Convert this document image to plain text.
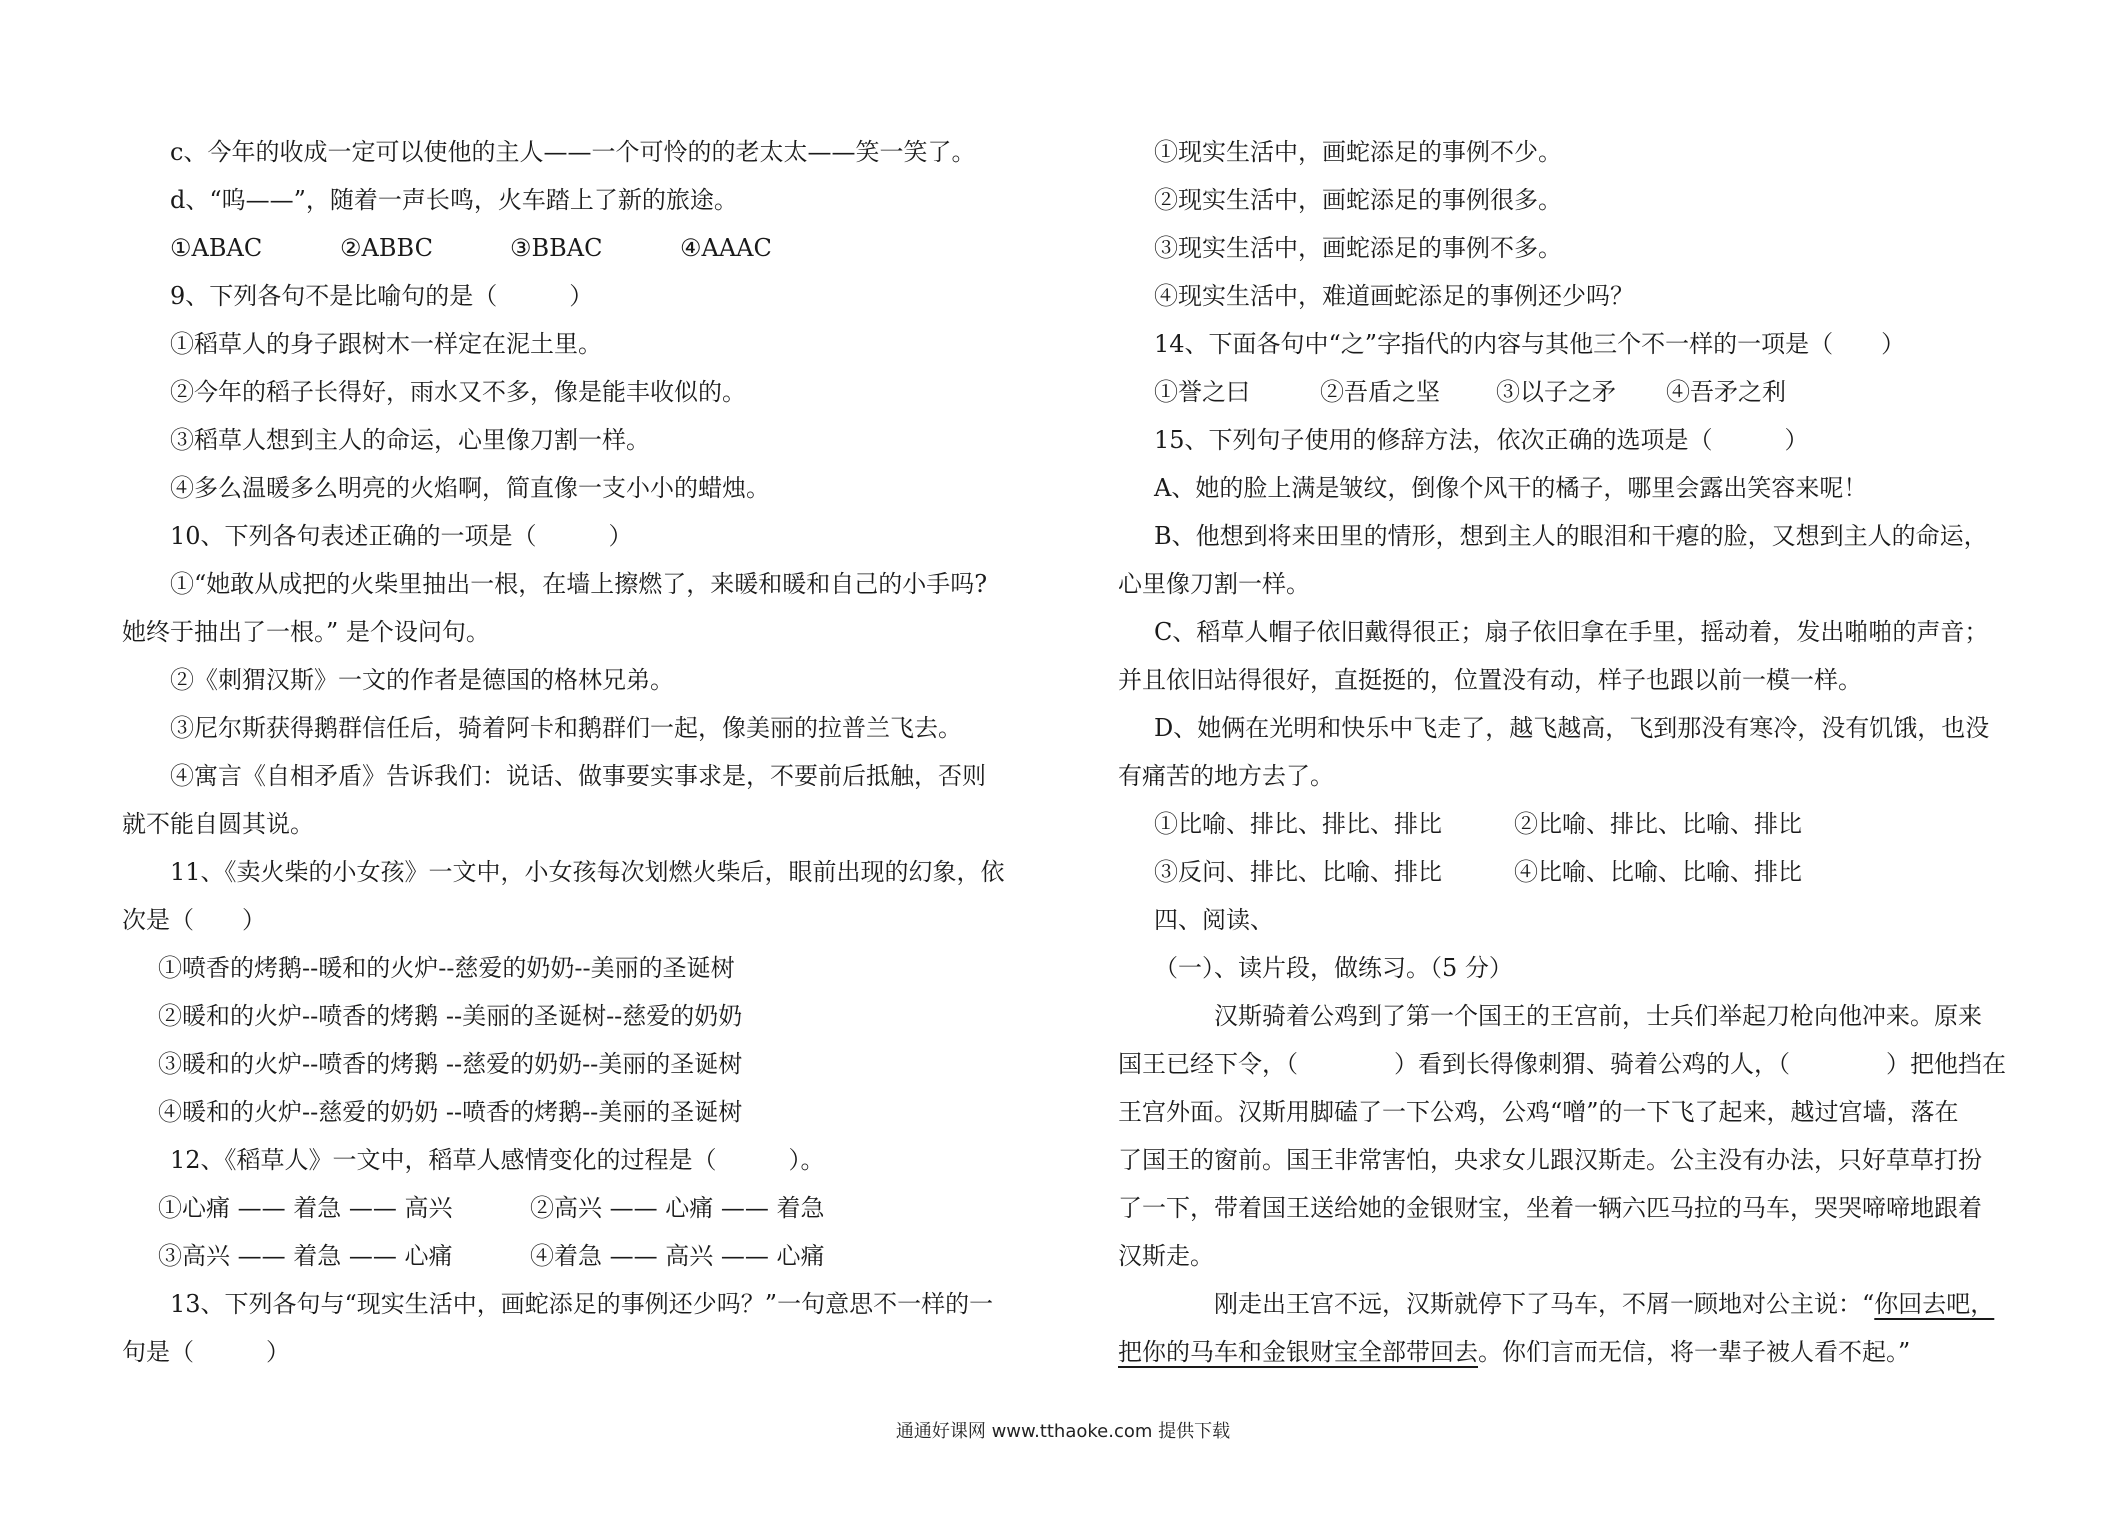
c、今年的收成一定可以使他的主人——一个可怜的的老太太——笑一笑了。
d、“呜——”，随着一声长鸣，火车踏上了新的旅途。
①ABAC	②ABBC	③BBAC	④AAAC
9、下列各句不是比喻句的是（　　　）
①稻草人的身子跟树木一样定在泥土里。
②今年的稻子长得好，雨水又不多，像是能丰收似的。
③稻草人想到主人的命运，心里像刀割一样。
④多么温暖多么明亮的火焰啊，简直像一支小小的蜡烛。
10、下列各句表述正确的一项是（　　　）
①“她敢从成把的火柴里抽出一根，在墙上擦燃了，来暖和暖和自己的小手吗?
她终于抽出了一根。” 是个设问句。
②《刺猬汉斯》一文的作者是德国的格林兄弟。
③尼尔斯获得鹅群信任后，骑着阿卡和鹅群们一起，像美丽的拉普兰飞去。
④寓言《自相矛盾》告诉我们：说话、做事要实事求是，不要前后抵触，否则
就不能自圆其说。
11、《卖火柴的小女孩》一文中，小女孩每次划燃火柴后，眼前出现的幻象，依
次是（　　）
①喷香的烤鹅--暖和的火炉--慈爱的奶奶--美丽的圣诞树
②暖和的火炉--喷香的烤鹅 --美丽的圣诞树--慈爱的奶奶
③暖和的火炉--喷香的烤鹅 --慈爱的奶奶--美丽的圣诞树
④暖和的火炉--慈爱的奶奶 --喷香的烤鹅--美丽的圣诞树
12、《稻草人》一文中，稻草人感情变化的过程是（　　　）。
①心痛 —— 着急 —— 高兴	②高兴 —— 心痛 —— 着急
③高兴 —— 着急 —— 心痛	④着急 —— 高兴 —— 心痛
13、下列各句与“现实生活中，画蛇添足的事例还少吗？”一句意思不一样的一
句是（　　　）
①现实生活中，画蛇添足的事例不少。
②现实生活中，画蛇添足的事例很多。
③现实生活中，画蛇添足的事例不多。
④现实生活中，难道画蛇添足的事例还少吗？
14、下面各句中“之”字指代的内容与其他三个不一样的一项是（　　）
①誉之曰	②吾盾之坚 ③以子之矛 ④吾矛之利
15、下列句子使用的修辞方法，依次正确的选项是（　　　）
A、她的脸上满是皱纹，倒像个风干的橘子，哪里会露出笑容来呢！
B、他想到将来田里的情形，想到主人的眼泪和干瘪的脸，又想到主人的命运，
心里像刀割一样。
C、稻草人帽子依旧戴得很正；扇子依旧拿在手里，摇动着，发出啪啪的声音；
并且依旧站得很好，直挺挺的，位置没有动，样子也跟以前一模一样。
D、她俩在光明和快乐中飞走了，越飞越高，飞到那没有寒冷，没有饥饿，也没
有痛苦的地方去了。
①比喻、排比、排比、排比	②比喻、排比、比喻、排比
③反问、排比、比喻、排比	④比喻、比喻、比喻、排比
四、阅读、
（一）、读片段，做练习。（5 分）
汉斯骑着公鸡到了第一个国王的王宫前，士兵们举起刀枪向他冲来。原来
国王已经下令，（	）看到长得像刺猬、骑着公鸡的人，（	）把他挡在
王宫外面。汉斯用脚磕了一下公鸡，公鸡“噌”的一下飞了起来，越过宫墙，落在
了国王的窗前。国王非常害怕，央求女儿跟汉斯走。公主没有办法，只好草草打扮
了一下，带着国王送给她的金银财宝，坐着一辆六匹马拉的马车，哭哭啼啼地跟着
汉斯走。
刚走出王宫不远，汉斯就停下了马车，不屑一顾地对公主说：“你回去吧，
把你的马车和金银财宝全部带回去。你们言而无信，将一辈子被人看不起。”
通通好课网 www.tthaoke.com 提供下载
